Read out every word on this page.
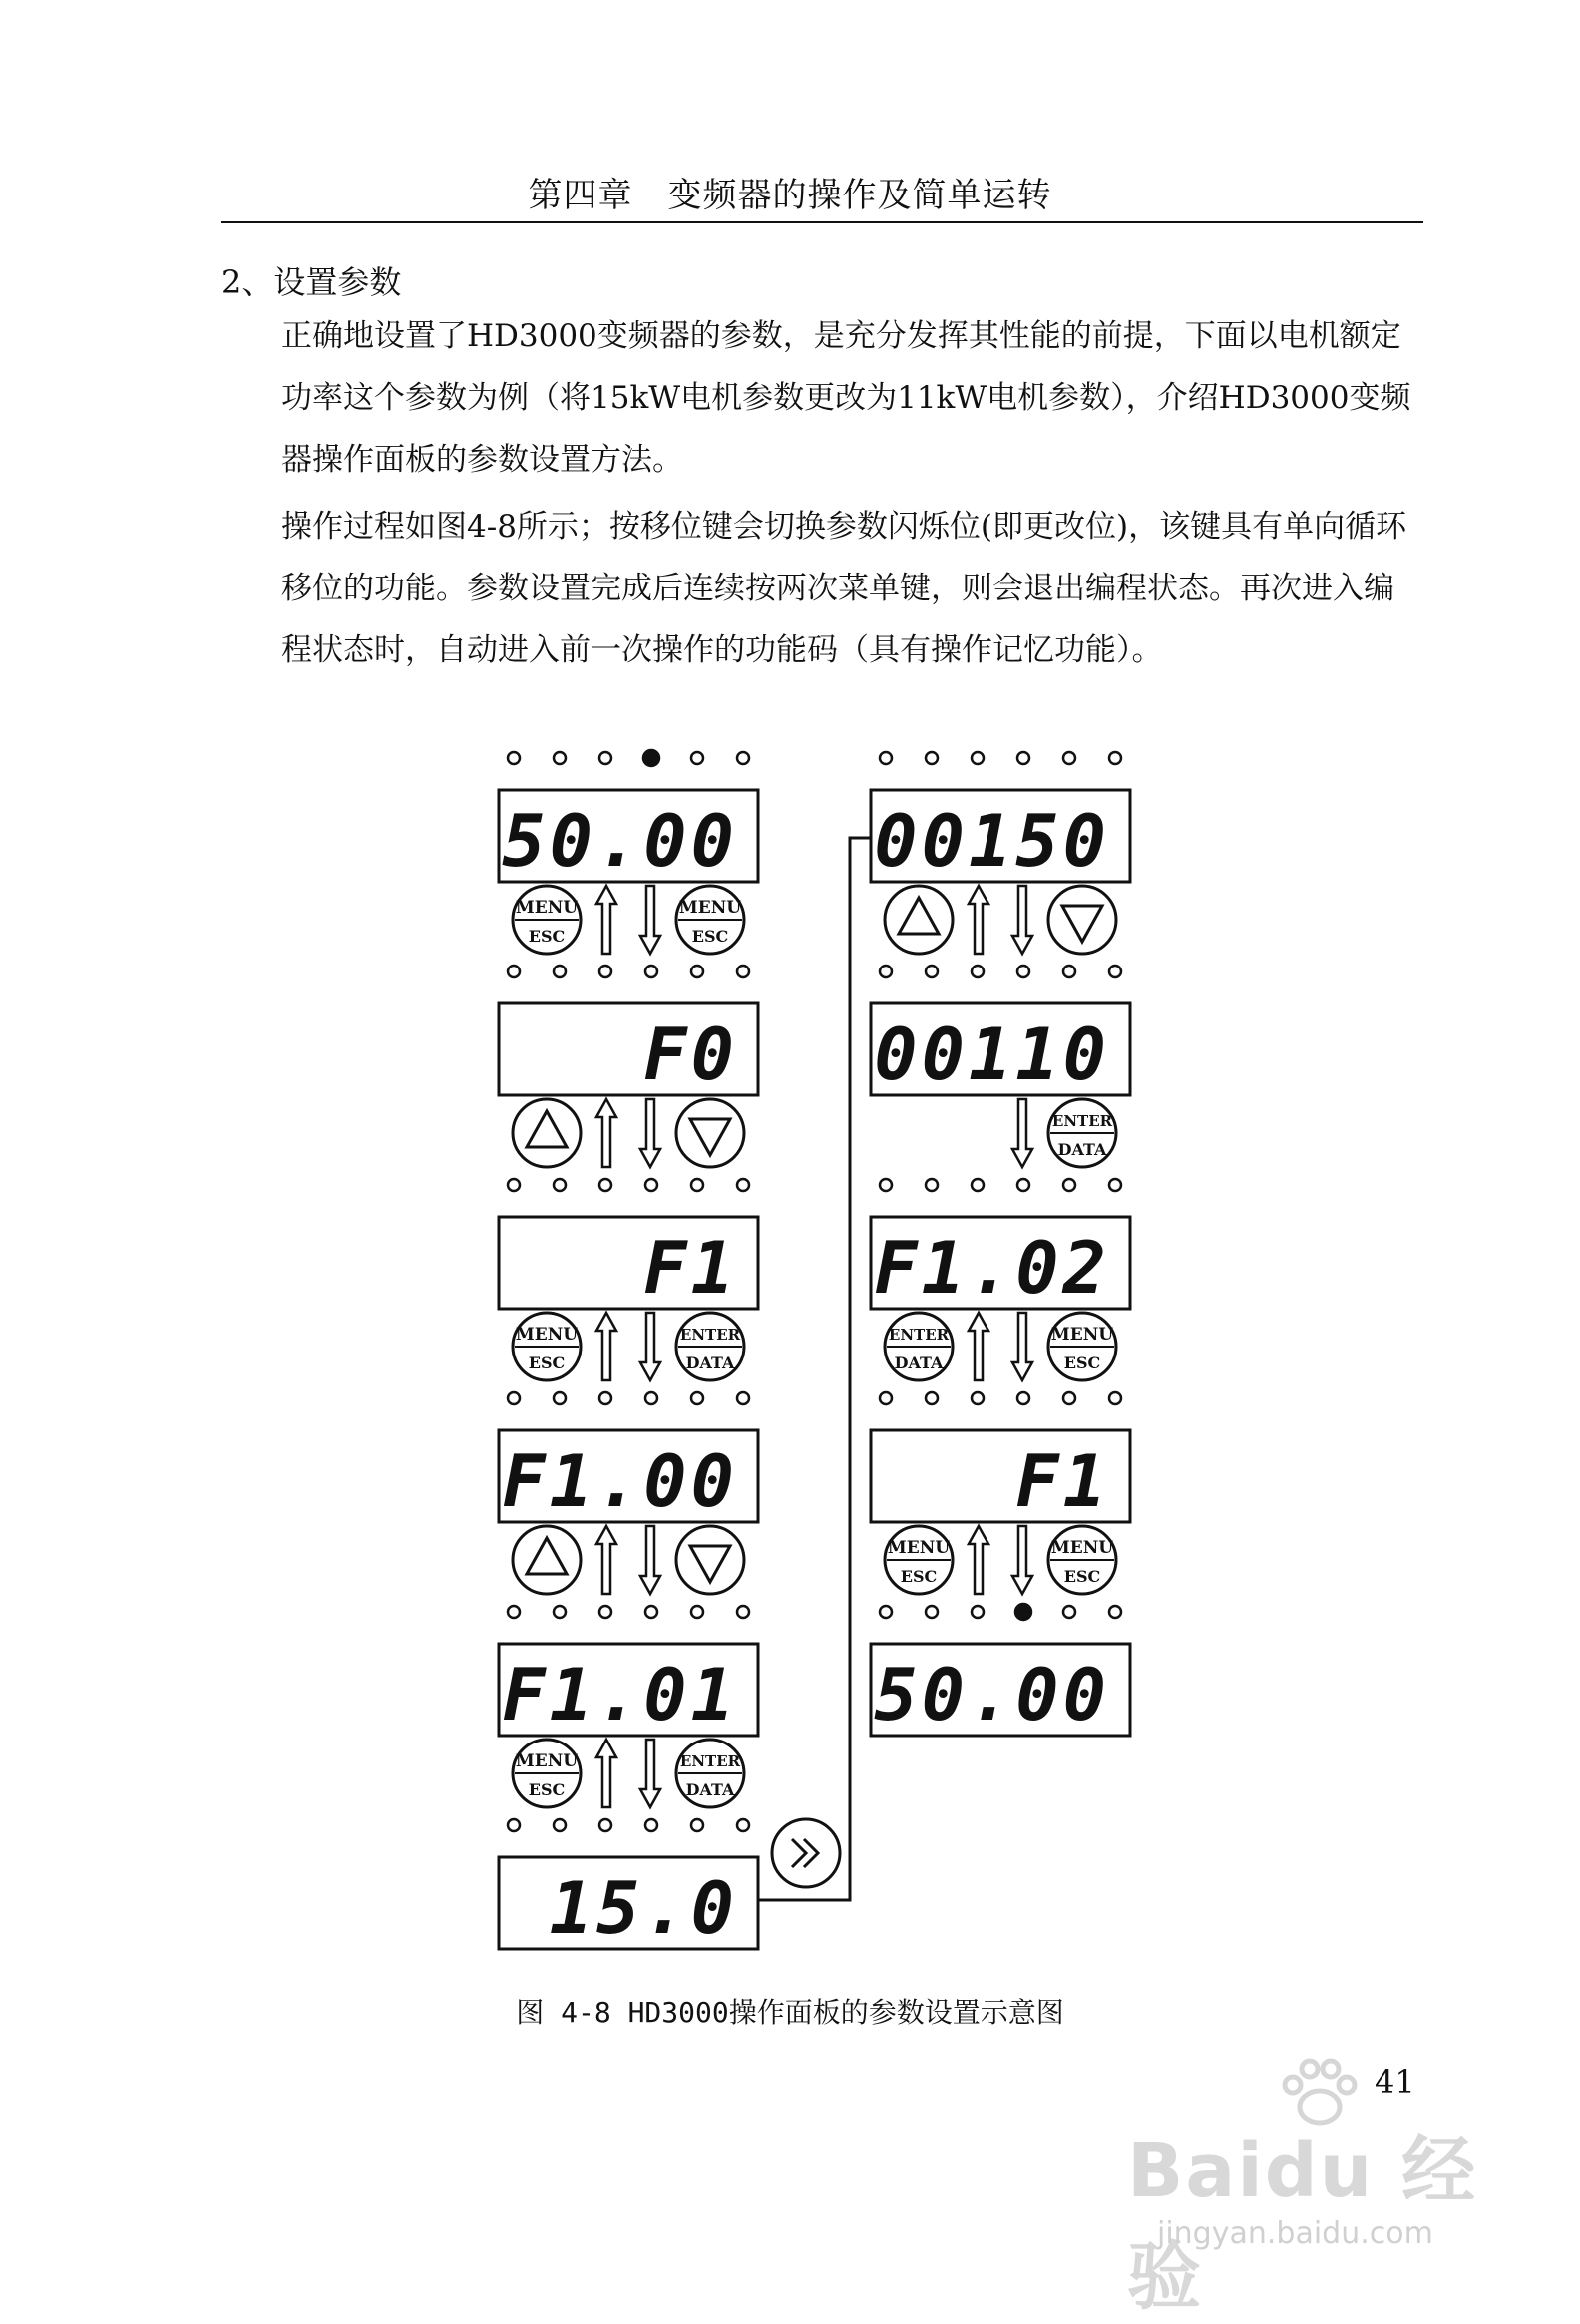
第四章　变频器的操作及简单运转
2、设置参数

正确地设置了HD3000变频器的参数，是充分发挥其性能的前提，下面以电机额定功率这个参数为例（将15kW电机参数更改为11kW电机参数），介绍HD3000变频器操作面板的参数设置方法。

操作过程如图4-8所示；按移位键会切换参数闪烁位(即更改位)，该键具有单向循环移位的功能。参数设置完成后连续按两次菜单键，则会退出编程状态。再次进入编程状态时，自动进入前一次操作的功能码（具有操作记忆功能）。

50.00
MENU
ESC
MENU
ESC
F0
F1
MENU
ESC
ENTER
DATA
F1.00
F1.01
MENU
ESC
ENTER
DATA
15.0
00150
00110
ENTER
DATA
F1.02
ENTER
DATA
MENU
ESC
F1
MENU
ESC
MENU
ESC
50.00
图 4-8 HD3000操作面板的参数设置示意图
41
Baidu 经验
jingyan.baidu.com
